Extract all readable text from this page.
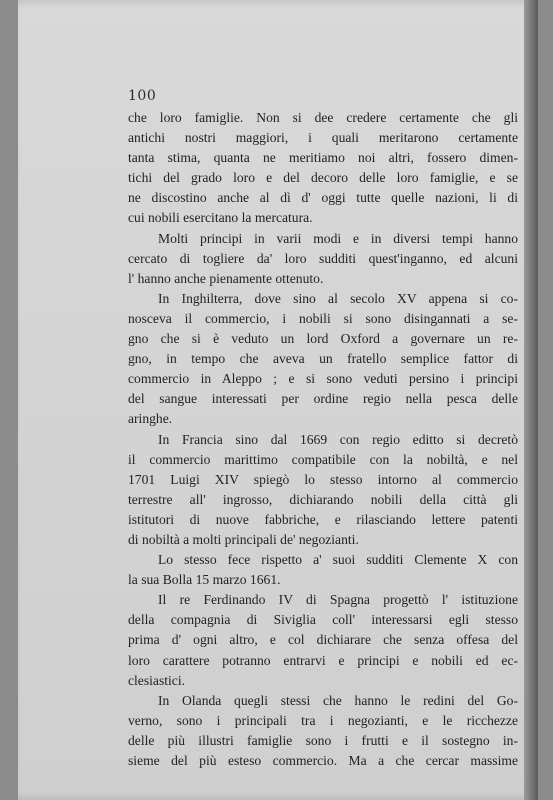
100
che loro famiglie. Non si dee credere certamente che gli
antichi nostri maggiori, i quali meritarono certamente
tanta stima, quanta ne meritiamo noi altri, fossero dimen-
tichi del grado loro e del decoro delle loro famiglie, e se
ne discostino anche al dì d' oggi tutte quelle nazioni, li di
cui nobili esercitano la mercatura.
Molti principi in varii modi e in diversi tempi hanno
cercato di togliere da' loro sudditi quest'inganno, ed alcuni
l' hanno anche pienamente ottenuto.
In Inghilterra, dove sino al secolo XV appena si co-
nosceva il commercio, i nobili si sono disingannati a se-
gno che si è veduto un lord Oxford a governare un re-
gno, in tempo che aveva un fratello semplice fattor di
commercio in Aleppo ; e si sono veduti persino i principi
del sangue interessati per ordine regio nella pesca delle
aringhe.
In Francia sino dal 1669 con regio editto si decretò
il commercio marittimo compatibile con la nobiltà, e nel
1701 Luigi XIV spiegò lo stesso intorno al commercio
terrestre all' ingrosso, dichiarando nobili della città gli
istitutori di nuove fabbriche, e rilasciando lettere patenti
di nobiltà a molti principali de' negozianti.
Lo stesso fece rispetto a' suoi sudditi Clemente X con
la sua Bolla 15 marzo 1661.
Il re Ferdinando IV di Spagna progettò l' istituzione
della compagnia di Siviglia coll' interessarsi egli stesso
prima d' ogni altro, e col dichiarare che senza offesa del
loro carattere potranno entrarvi e principi e nobili ed ec-
clesiastici.
In Olanda quegli stessi che hanno le redini del Go-
verno, sono i principali tra i negozianti, e le ricchezze
delle più illustri famiglie sono i frutti e il sostegno in-
sieme del più esteso commercio. Ma a che cercar massime
